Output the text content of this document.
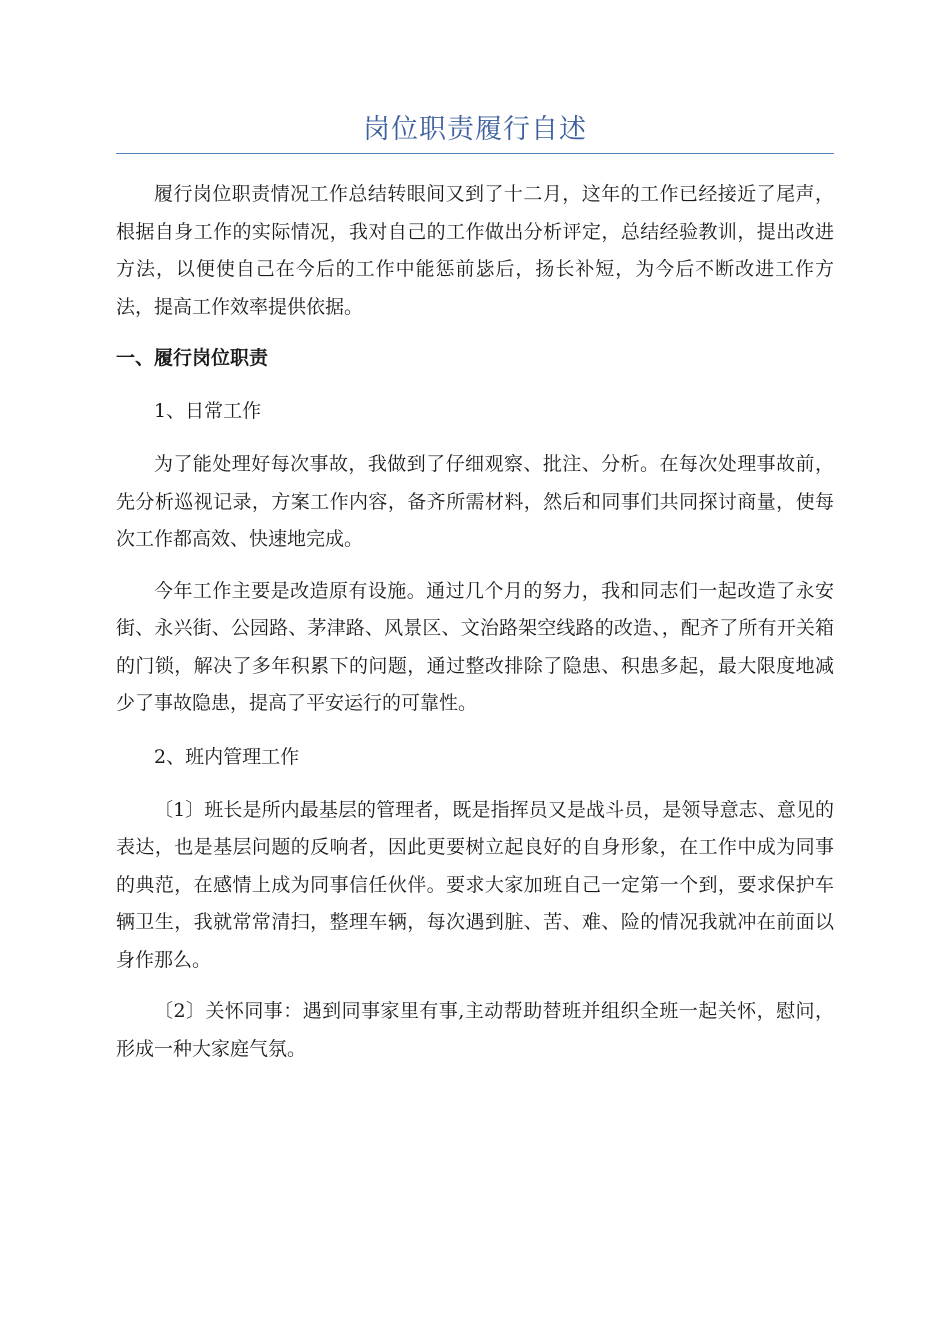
岗位职责履行自述

履行岗位职责情况工作总结转眼间又到了十二月，这年的工作已经接近了尾声，根据自身工作的实际情况，我对自己的工作做出分析评定，总结经验教训，提出改进方法，以便使自己在今后的工作中能惩前毖后，扬长补短，为今后不断改进工作方法，提高工作效率提供依据。

一、履行岗位职责
1、日常工作

为了能处理好每次事故，我做到了仔细观察、批注、分析。在每次处理事故前，先分析巡视记录，方案工作内容，备齐所需材料，然后和同事们共同探讨商量，使每次工作都高效、快速地完成。

今年工作主要是改造原有设施。通过几个月的努力，我和同志们一起改造了永安街、永兴街、公园路、茅津路、风景区、文治路架空线路的改造、，配齐了所有开关箱的门锁，解决了多年积累下的问题，通过整改排除了隐患、积患多起，最大限度地减少了事故隐患，提高了平安运行的可靠性。

2、班内管理工作

〔1〕班长是所内最基层的管理者，既是指挥员又是战斗员，是领导意志、意见的表达，也是基层问题的反响者，因此更要树立起良好的自身形象，在工作中成为同事的典范，在感情上成为同事信任伙伴。要求大家加班自己一定第一个到，要求保护车辆卫生，我就常常清扫，整理车辆，每次遇到脏、苦、难、险的情况我就冲在前面以身作那么。

〔2〕关怀同事：遇到同事家里有事,主动帮助替班并组织全班一起关怀，慰问，形成一种大家庭气氛。
